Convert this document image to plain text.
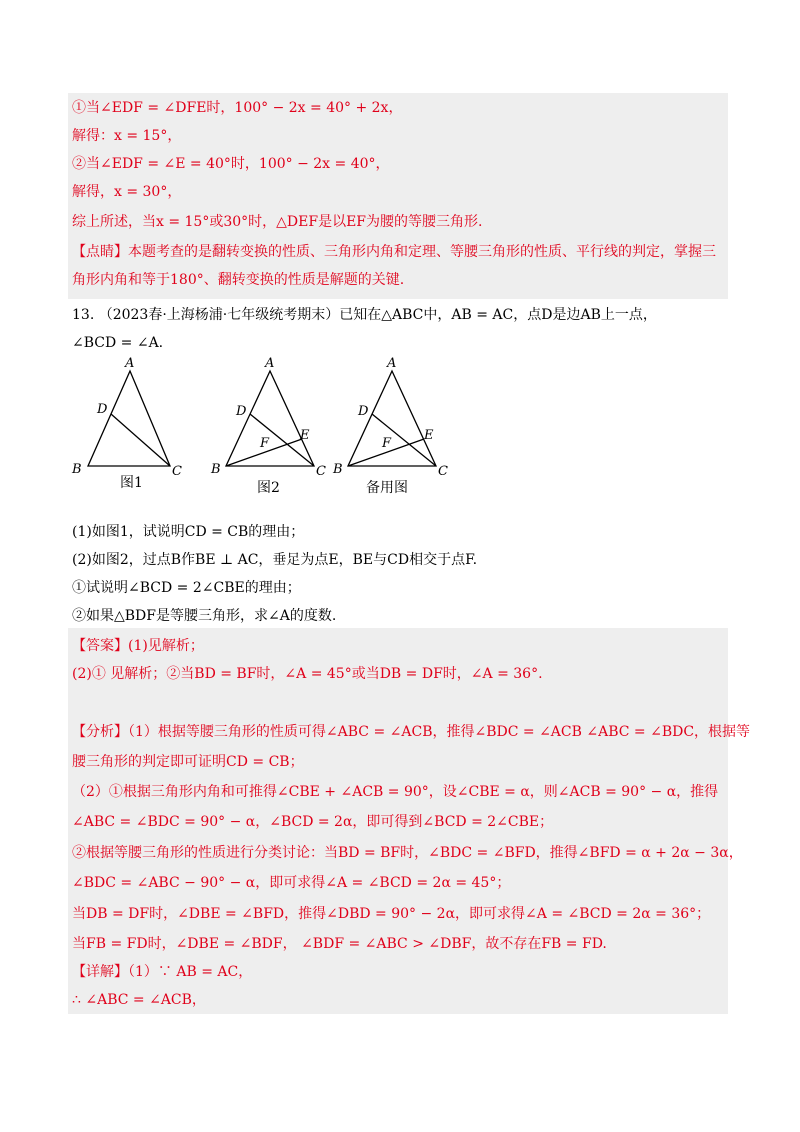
①当∠EDF = ∠DFE时，100° − 2x = 40° + 2x，
解得：x = 15°，
②当∠EDF = ∠E = 40°时，100° − 2x = 40°，
解得，x = 30°，
综上所述，当x = 15°或30°时，△DEF是以EF为腰的等腰三角形.
【点睛】本题考查的是翻转变换的性质、三角形内角和定理、等腰三角形的性质、平行线的判定，掌握三
角形内角和等于180°、翻转变换的性质是解题的关键.
13. （2023春·上海杨浦·七年级统考期末）已知在△ABC中，AB = AC，点D是边AB上一点，
∠BCD = ∠A.
A
D
B	C
A
D
F
E
B	C
A
D
F
E
B	C
图1	图2	备用图
(1)如图1，试说明CD = CB的理由；
(2)如图2，过点B作BE ⊥ AC，垂足为点E，BE与CD相交于点F.
①试说明∠BCD = 2∠CBE的理由；
②如果△BDF是等腰三角形，求∠A的度数.
【答案】(1)见解析；
(2)① 见解析；②当BD = BF时，∠A = 45°或当DB = DF时，∠A = 36°.
【分析】（1）根据等腰三角形的性质可得∠ABC = ∠ACB，推得∠BDC = ∠ACB ∠ABC = ∠BDC，根据等
腰三角形的判定即可证明CD = CB；
（2）①根据三角形内角和可推得∠CBE + ∠ACB = 90°，设∠CBE = α，则∠ACB = 90° − α，推得
∠ABC = ∠BDC = 90° − α，∠BCD = 2α，即可得到∠BCD = 2∠CBE；
②根据等腰三角形的性质进行分类讨论：当BD = BF时，∠BDC = ∠BFD，推得∠BFD = α + 2α − 3α，
∠BDC = ∠ABC − 90° − α，即可求得∠A = ∠BCD = 2α = 45°；
当DB = DF时，∠DBE = ∠BFD，推得∠DBD = 90° − 2α，即可求得∠A = ∠BCD = 2α = 36°；
当FB = FD时，∠DBE = ∠BDF， ∠BDF = ∠ABC > ∠DBF，故不存在FB = FD.
【详解】（1）∵ AB = AC，
∴ ∠ABC = ∠ACB，
